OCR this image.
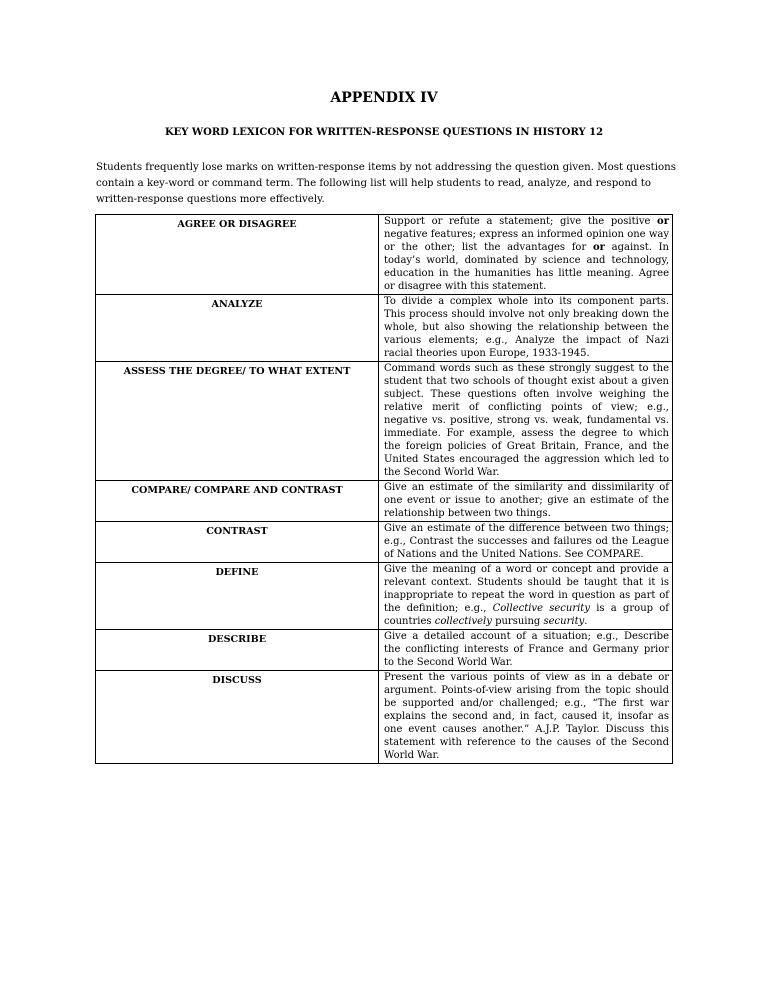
APPENDIX IV
KEY WORD LEXICON FOR WRITTEN-RESPONSE QUESTIONS IN HISTORY 12

Students frequently lose marks on written-response items by not addressing the question given. Most questions contain a key-word or command term. The following list will help students to read, analyze, and respond to written-response questions more effectively.

AGREE OR DISAGREE	Support or refute a statement; give the positive or negative features; express an informed opinion one way or the other; list the advantages for or against. In today’s world, dominated by science and technology, education in the humanities has little meaning. Agree or disagree with this statement.
ANALYZE	To divide a complex whole into its component parts. This process should involve not only breaking down the whole, but also showing the relationship between the various elements; e.g., Analyze the impact of Nazi racial theories upon Europe, 1933-1945.
ASSESS THE DEGREE/ TO WHAT EXTENT	Command words such as these strongly suggest to the student that two schools of thought exist about a given subject. These questions often involve weighing the relative merit of conflicting points of view; e.g., negative vs. positive, strong vs. weak, fundamental vs. immediate. For example, assess the degree to which the foreign policies of Great Britain, France, and the United States encouraged the aggression which led to the Second World War.
COMPARE/ COMPARE AND CONTRAST	Give an estimate of the similarity and dissimilarity of one event or issue to another; give an estimate of the relationship between two things.
CONTRAST	Give an estimate of the difference between two things; e.g., Contrast the successes and failures od the League of Nations and the United Nations. See COMPARE.
DEFINE	Give the meaning of a word or concept and provide a relevant context. Students should be taught that it is inappropriate to repeat the word in question as part of the definition; e.g., Collective security is a group of countries collectively pursuing security.
DESCRIBE	Give a detailed account of a situation; e.g., Describe the conflicting interests of France and Germany prior to the Second World War.
DISCUSS	Present the various points of view as in a debate or argument. Points-of-view arising from the topic should be supported and/or challenged; e.g., “The first war explains the second and, in fact, caused it, insofar as one event causes another.” A.J.P. Taylor. Discuss this statement with reference to the causes of the Second World War.
